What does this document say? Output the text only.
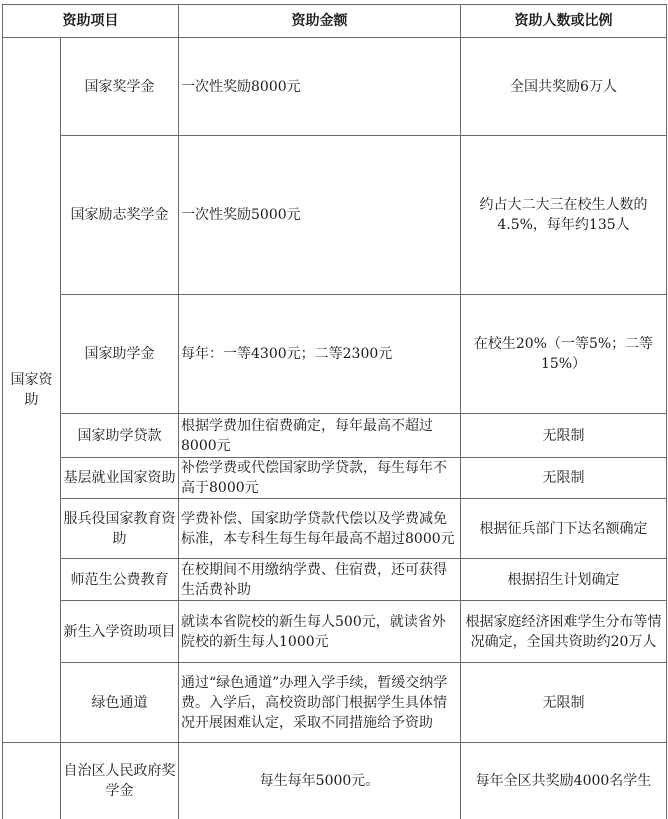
资助项目		资助金额	资助人数或比例
国家资助	国家奖学金	一次性奖励8000元	全国共奖励6万人
	国家励志奖学金	一次性奖励5000元	约占大二大三在校生人数的4.5%，每年约135人
	国家助学金	每年：一等4300元；二等2300元	在校生20%（一等5%；二等15%）
	国家助学贷款	根据学费加住宿费确定，每年最高不超过8000元	无限制
	基层就业国家资助	补偿学费或代偿国家助学贷款，每生每年不高于8000元	无限制
	服兵役国家教育资助	学费补偿、国家助学贷款代偿以及学费减免标准，本专科生每生每年最高不超过8000元	根据征兵部门下达名额确定
	师范生公费教育	在校期间不用缴纳学费、住宿费，还可获得生活费补助	根据招生计划确定
	新生入学资助项目	就读本省院校的新生每人500元，就读省外院校的新生每人1000元	根据家庭经济困难学生分布等情况确定，全国共资助约20万人
	绿色通道	通过“绿色通道”办理入学手续，暂缓交纳学费。入学后，高校资助部门根据学生具体情况开展困难认定，采取不同措施给予资助	无限制
	自治区人民政府奖学金	每生每年5000元。	每年全区共奖励4000名学生
